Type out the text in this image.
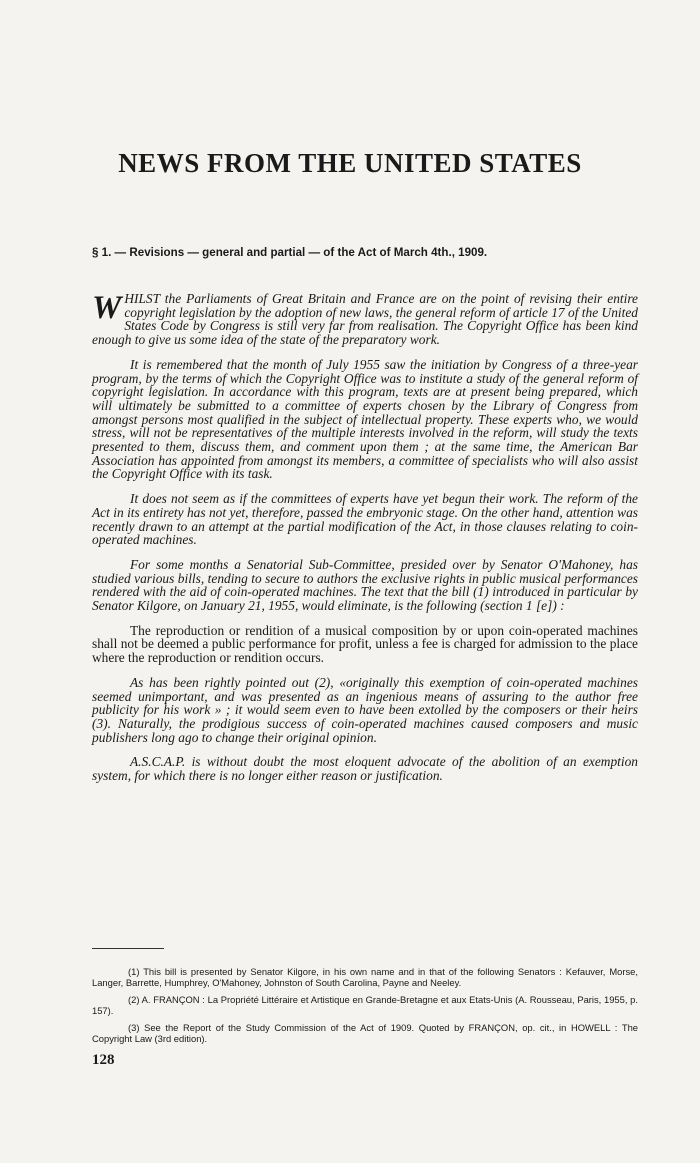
NEWS FROM THE UNITED STATES
§ 1. — Revisions — general and partial — of the Act of March 4th., 1909.

WHILST the Parliaments of Great Britain and France are on the point of revising their entire copyright legislation by the adoption of new laws, the general reform of article 17 of the United States Code by Congress is still very far from realisation. The Copyright Office has been kind enough to give us some idea of the state of the preparatory work.

It is remembered that the month of July 1955 saw the initiation by Congress of a three-year program, by the terms of which the Copyright Office was to institute a study of the general reform of copyright legislation. In accordance with this program, texts are at present being prepared, which will ultimately be submitted to a committee of experts chosen by the Library of Congress from amongst persons most qualified in the subject of intellectual property. These experts who, we would stress, will not be representatives of the multiple interests involved in the reform, will study the texts presented to them, discuss them, and comment upon them ; at the same time, the American Bar Association has appointed from amongst its members, a committee of specialists who will also assist the Copyright Office with its task.

It does not seem as if the committees of experts have yet begun their work. The reform of the Act in its entirety has not yet, therefore, passed the embryonic stage. On the other hand, attention was recently drawn to an attempt at the partial modification of the Act, in those clauses relating to coin-operated machines.

For some months a Senatorial Sub-Committee, presided over by Senator O'Mahoney, has studied various bills, tending to secure to authors the exclusive rights in public musical performances rendered with the aid of coin-operated machines. The text that the bill (1) introduced in particular by Senator Kilgore, on January 21, 1955, would eliminate, is the following (section 1 [e]) :

The reproduction or rendition of a musical composition by or upon coin-operated machines shall not be deemed a public performance for profit, unless a fee is charged for admission to the place where the reproduction or rendition occurs.

As has been rightly pointed out (2), «originally this exemption of coin-operated machines seemed unimportant, and was presented as an ingenious means of assuring to the author free publicity for his work » ; it would seem even to have been extolled by the composers or their heirs (3). Naturally, the prodigious success of coin-operated machines caused composers and music publishers long ago to change their original opinion.

A.S.C.A.P. is without doubt the most eloquent advocate of the abolition of an exemption system, for which there is no longer either reason or justification.

(1) This bill is presented by Senator Kilgore, in his own name and in that of the following Senators : Kefauver, Morse, Langer, Barrette, Humphrey, O'Mahoney, Johnston of South Carolina, Payne and Neeley.

(2) A. FRANÇON : La Propriété Littéraire et Artistique en Grande-Bretagne et aux Etats-Unis (A. Rousseau, Paris, 1955, p. 157).

(3) See the Report of the Study Commission of the Act of 1909. Quoted by FRANÇON, op. cit., in HOWELL : The Copyright Law (3rd edition).

128
